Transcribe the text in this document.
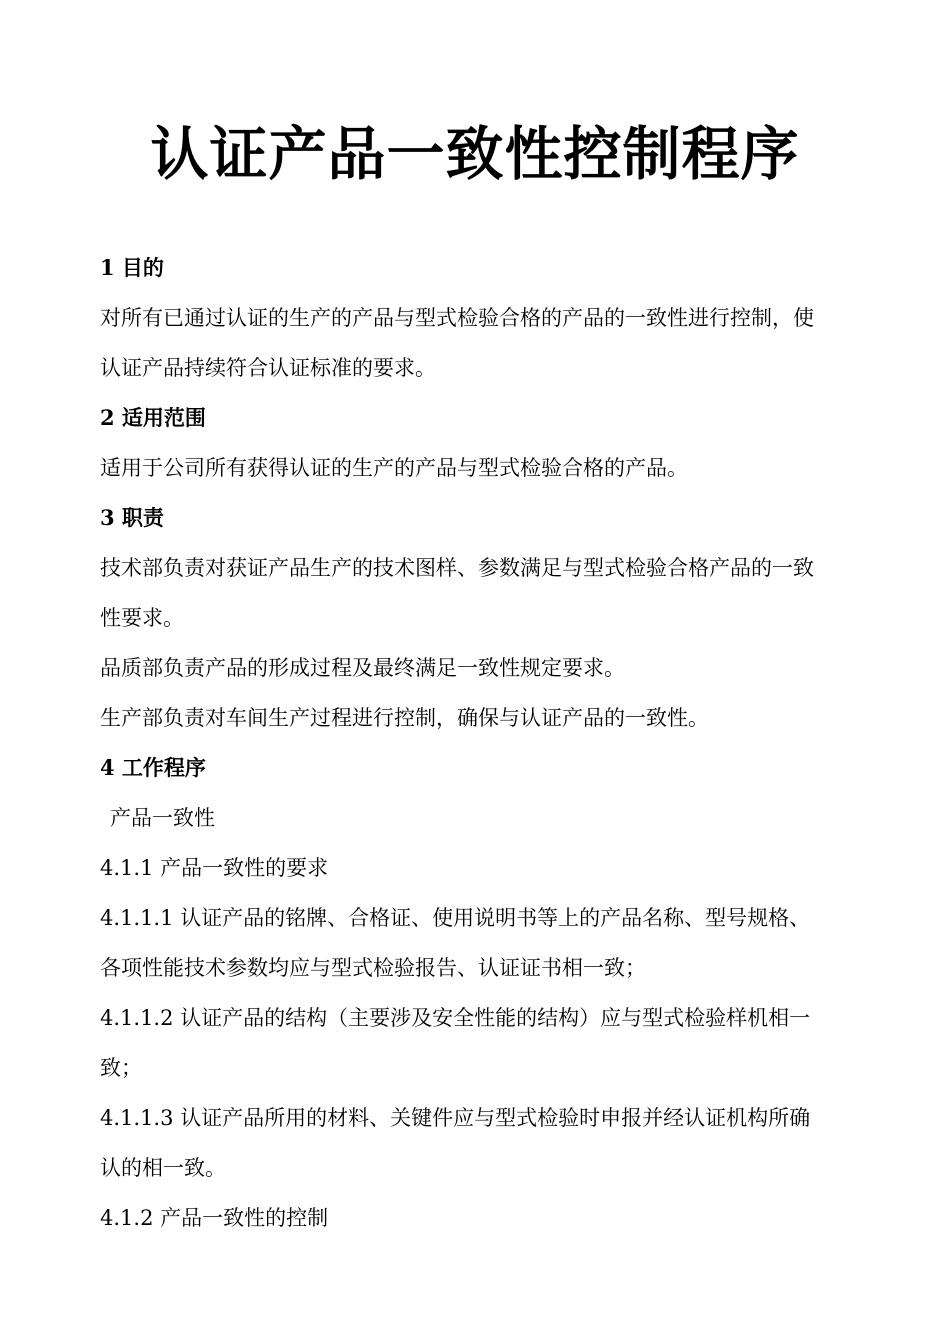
认证产品一致性控制程序
1 目的
对所有已通过认证的生产的产品与型式检验合格的产品的一致性进行控制，使
认证产品持续符合认证标准的要求。
2 适用范围
适用于公司所有获得认证的生产的产品与型式检验合格的产品。
3 职责
技术部负责对获证产品生产的技术图样、参数满足与型式检验合格产品的一致
性要求。
品质部负责产品的形成过程及最终满足一致性规定要求。
生产部负责对车间生产过程进行控制，确保与认证产品的一致性。
4 工作程序
产品一致性
4.1.1 产品一致性的要求
4.1.1.1 认证产品的铭牌、合格证、使用说明书等上的产品名称、型号规格、
各项性能技术参数均应与型式检验报告、认证证书相一致；
4.1.1.2 认证产品的结构（主要涉及安全性能的结构）应与型式检验样机相一
致；
4.1.1.3 认证产品所用的材料、关键件应与型式检验时申报并经认证机构所确
认的相一致。
4.1.2 产品一致性的控制
